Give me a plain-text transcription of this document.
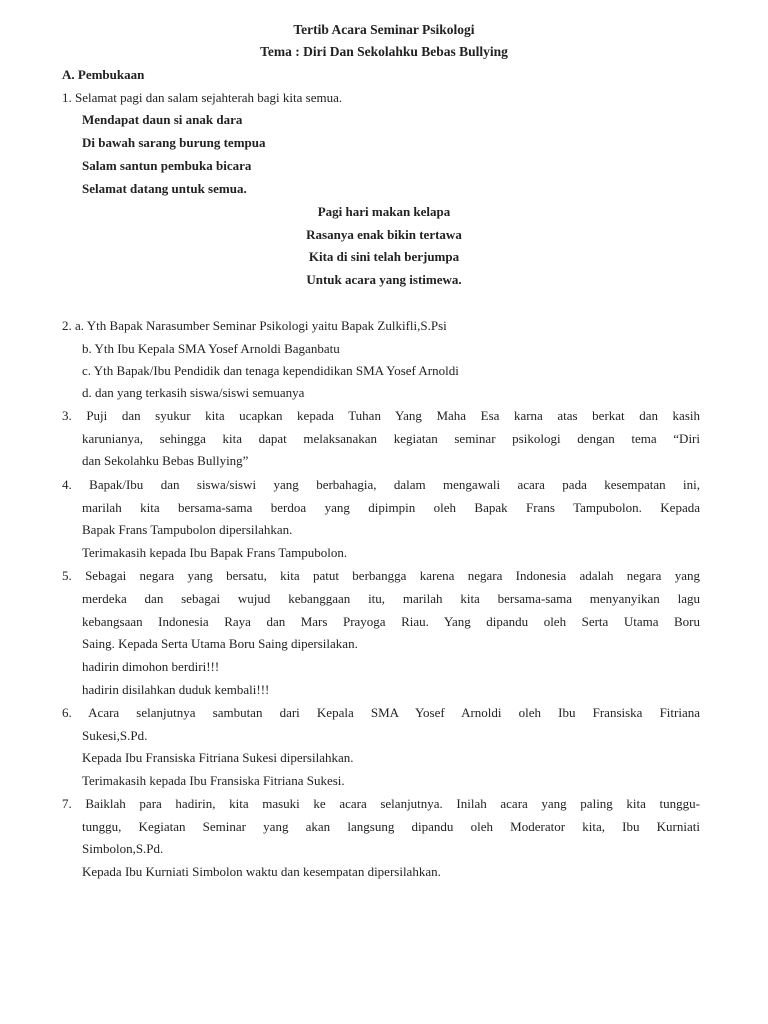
Tertib Acara Seminar Psikologi
Tema : Diri Dan Sekolahku Bebas Bullying
A. Pembukaan
1. Selamat pagi dan salam sejahterah bagi kita semua.
Mendapat daun si anak dara
Di bawah sarang burung tempua
Salam santun pembuka bicara
Selamat datang untuk semua.
Pagi hari makan kelapa
Rasanya enak bikin tertawa
Kita di sini telah berjumpa
Untuk acara yang istimewa.
2. a. Yth Bapak Narasumber Seminar Psikologi yaitu Bapak Zulkifli,S.Psi
b. Yth Ibu Kepala SMA Yosef Arnoldi Baganbatu
c. Yth Bapak/Ibu Pendidik dan tenaga kependidikan SMA Yosef Arnoldi
d. dan yang terkasih siswa/siswi semuanya
3. Puji dan syukur kita ucapkan kepada Tuhan Yang Maha Esa karna atas berkat dan kasih
karunianya, sehingga kita dapat melaksanakan kegiatan seminar psikologi dengan tema “Diri
dan Sekolahku Bebas Bullying”
4. Bapak/Ibu dan siswa/siswi yang berbahagia, dalam mengawali acara pada kesempatan ini,
marilah kita bersama-sama berdoa yang dipimpin oleh Bapak Frans Tampubolon. Kepada
Bapak Frans Tampubolon dipersilahkan.
Terimakasih kepada Ibu Bapak Frans Tampubolon.
5. Sebagai negara yang bersatu, kita patut berbangga karena negara Indonesia adalah negara yang
merdeka dan sebagai wujud kebanggaan itu, marilah kita bersama-sama menyanyikan lagu
kebangsaan Indonesia Raya dan Mars Prayoga Riau. Yang dipandu oleh Serta Utama Boru
Saing. Kepada Serta Utama Boru Saing dipersilakan.
hadirin dimohon berdiri!!!
hadirin disilahkan duduk kembali!!!
6. Acara selanjutnya sambutan dari Kepala SMA Yosef Arnoldi oleh Ibu Fransiska Fitriana
Sukesi,S.Pd.
Kepada Ibu Fransiska Fitriana Sukesi dipersilahkan.
Terimakasih kepada Ibu Fransiska Fitriana Sukesi.
7. Baiklah para hadirin, kita masuki ke acara selanjutnya. Inilah acara yang paling kita tunggu-
tunggu, Kegiatan Seminar yang akan langsung dipandu oleh Moderator kita, Ibu Kurniati
Simbolon,S.Pd.
Kepada Ibu Kurniati Simbolon waktu dan kesempatan dipersilahkan.
